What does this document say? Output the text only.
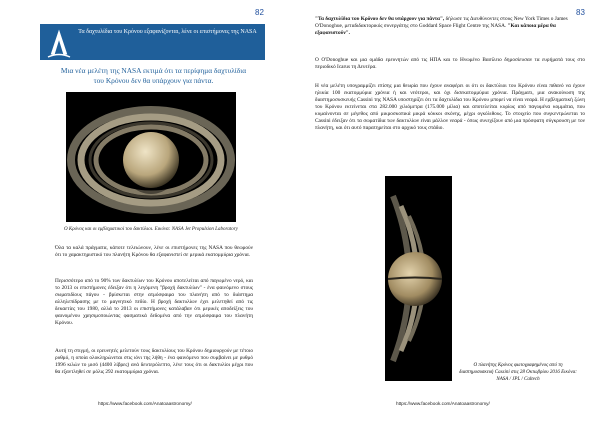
82
Τα δαχτυλίδια του Κρόνου εξαφανίζονται, λένε οι επιστήμονες της NASA
Μια νέα μελέτη της NASA εκτιμά ότι τα περίφημα δαχτυλίδια του Κρόνου δεν θα υπάρχουν για πάντα.
Ο Κρόνος και οι εμβληματικοί του δακτύλιοι. Εικόνα: NASA Jet Propulsion Laboratory
Όλα τα καλά πράγματα, κάποτε τελειώνουν, λένε οι επιστήμονες της NASA που θεωρούν ότι το χαρακτηριστικό του πλανήτη Κρόνου θα εξαφανιστεί σε μερικά εκατομμύρια χρόνια.
Περισσότερο από το 90% των δακτυλίων του Κρόνου αποτελείται από παγωμένο νερό, και το 2013 οι επιστήμονες έδειξαν ότι η λεγόμενη "βροχή δακτυλίων" - ένα φαινόμενο στους σωματιδίους πάγου - βρίσκεται στην ατμόσφαιρα του πλανήτη από το διάστημα αλληλεπίδρασης με το μαγνητικό πεδίο. Η βροχή δακτυλίων έχει μελετηθεί από τις δεκαετίες του 1980, αλλά το 2013 οι επιστήμονες κατάλαβαν ότι μερικές αποδείξεις του φαινομένου χρησιμοποιώντας φασματικά δεδομένα από την ατμόσφαιρα του πλανήτη Κρόνου.
Αυτή τη στιγμή, οι ερευνητές μελετούν τους δακτυλίους του Κρόνου δημιουργούν με τέτοιο ρυθμό, η οποία ολοκληρώνεται στις ιόνι της λήθη - ένα φαινόμενο που συμβαίνει με ρυθμό 1996 κιλών το μισό (4400 λίβρες) ανά δευτερόλεπτο, λένε τους ότι οι δακτυλίοι μέχρι που θα εξαντληθεί σε μόλις 292 εκατομμύρια χρόνια.
https://www.facebook.com/Anatoaastronomy/
83
"Τα δαχτυλίδια του Κρόνου δεν θα υπάρχουν για πάντα", δήλωσε τις Διευθύνοντες στους New York Times ο James O'Donoghue, μεταδιδακτορικός συνεργάτης στο Goddard Space Flight Centre της NASA. "Και κάποια μέρα θα εξαφανιστούν".
Ο O'Donoghue και μια ομάδα ερευνητών από τις ΗΠΑ και το Ηνωμένο Βασίλειο δημοσίευσαν τα ευρήματά τους στο περιοδικό Icarus τη Δευτέρα.
Η νέα μελέτη υπογραμμίζει επίσης μια θεωρία που έχουν αναφέρει οι ότι οι δακτύλιοι του Κρόνου είναι πιθανό να έχουν ηλικία 100 εκατομμύρια χρόνια ή και νεότεροι, και όχι δισεκατομμύρια χρόνια. Πράγματι, μια ανακοίνωση της διαστημοσυσκευής Cassini της NASA υποστηρίζει ότι τα δαχτυλίδια του Κρόνου μπορεί να είναι νεαρά. Η εμβληματική ζώνη του Κρόνου εκτείνεται στα 282.000 χιλιόμετρα (175.000 μίλια) και αποτελείται κυρίως από παγωμένα κομμάτια, που κυμαίνονται σε μέγεθος από μικροσκοπικά μικρά κόκκοι σκόνης, μέχρι ογκόλιθους. Το στοιχείο που συγκεντρώνεται το Cassini έδειξαν ότι τα σωματίδια των δακτυλίων είναι μάλλον νεαρά - όπως συνεχίζουν από μια πρόσφατη σύγκρουση με τον πλανήτη, και ότι αυτό παρατηρείται στο αρχικό τους στάδιο.
Ο πλανήτης Κρόνος φωτογραφημένος από τη διαστημοσυσκευή Cassini στις 28 Οκτωβρίου 2016 Εικόνα: NASA / JPL / Caltech
https://www.facebook.com/Anatoaastronomy/
